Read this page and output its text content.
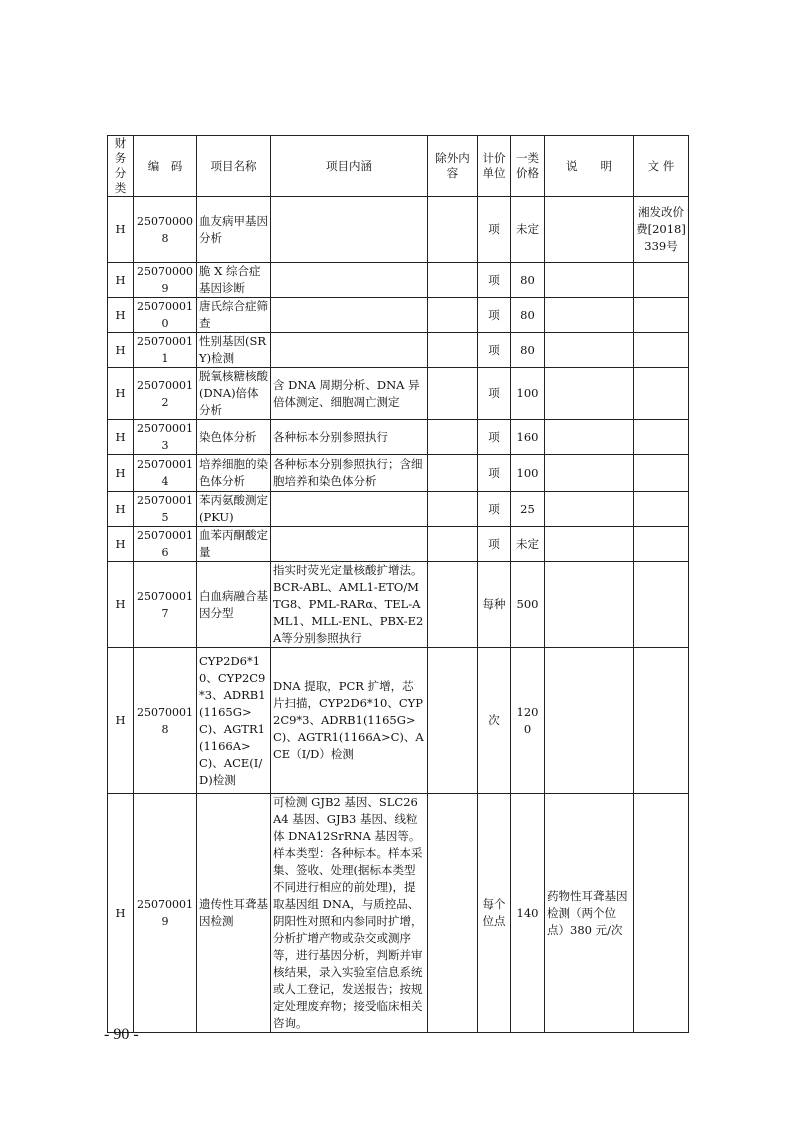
财务分类	编　码	项目名称	项目内涵	除外内容	计价单位	一类价格	说　　明	文 件
H	250700008	血友病甲基因分析			项	未定		湘发改价费[2018]339号
H	250700009	脆 X 综合症基因诊断			项	80		
H	250700010	唐氏综合症筛查			项	80		
H	250700011	性别基因(SRY)检测			项	80		
H	250700012	脱氧核糖核酸(DNA)倍体分析	含 DNA 周期分析、DNA 异倍体测定、细胞凋亡测定		项	100		
H	250700013	染色体分析	各种标本分别参照执行		项	160		
H	250700014	培养细胞的染色体分析	各种标本分别参照执行；含细胞培养和染色体分析		项	100		
H	250700015	苯丙氨酸测定(PKU)			项	25		
H	250700016	血苯丙酮酸定量			项	未定		
H	250700017	白血病融合基因分型	指实时荧光定量核酸扩增法。BCR-ABL、AML1-ETO/MTG8、PML-RARα、TEL-AML1、MLL-ENL、PBX-E2A等分别参照执行		每种	500		
H	250700018	CYP2D6*10、CYP2C9*3、ADRB1(1165G>C)、AGTR1(1166A>C)、ACE(I/D)检测	DNA 提取，PCR 扩增，芯片扫描，CYP2D6*10、CYP2C9*3、ADRB1(1165G>C)、AGTR1(1166A>C)、ACE（I/D）检测		次	1200		
H	250700019	遗传性耳聋基因检测	可检测 GJB2 基因、SLC26A4 基因、GJB3 基因、线粒体 DNA12SrRNA 基因等。样本类型：各种标本。样本采集、签收、处理(据标本类型不同进行相应的前处理)，提取基因组 DNA，与质控品、阴阳性对照和内参同时扩增，分析扩增产物或杂交或测序等，进行基因分析，判断并审核结果，录入实验室信息系统或人工登记，发送报告；按规定处理废弃物；接受临床相关咨询。		每个位点	140	药物性耳聋基因检测（两个位点）380 元/次	
- 90 -
